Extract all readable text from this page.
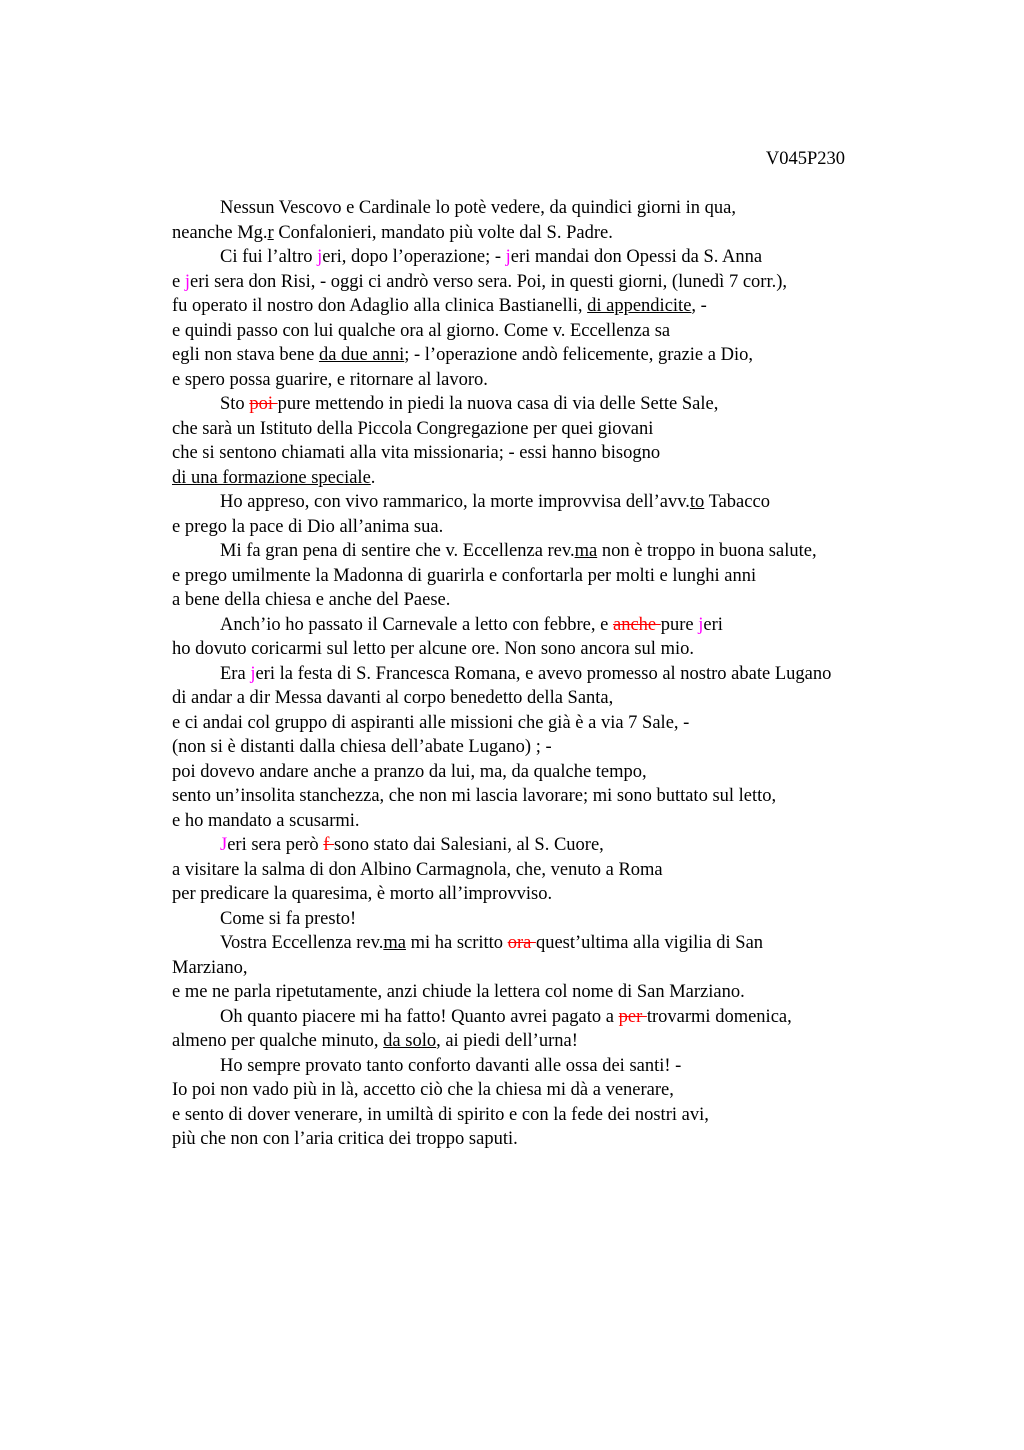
V045P230
Nessun Vescovo e Cardinale lo potè vedere, da quindici giorni in qua,
neanche Mg.r Confalonieri, mandato più volte dal S. Padre.
Ci fui l’altro jeri, dopo l’operazione; - jeri mandai don Opessi da S. Anna
e jeri sera don Risi, - oggi ci andrò verso sera. Poi, in questi giorni, (lunedì 7 corr.),
fu operato il nostro don Adaglio alla clinica Bastianelli, di appendicite, -
e quindi passo con lui qualche ora al giorno. Come v. Eccellenza sa
egli non stava bene da due anni; - l’operazione andò felicemente, grazie a Dio,
e spero possa guarire, e ritornare al lavoro.
Sto poi pure mettendo in piedi la nuova casa di via delle Sette Sale,
che sarà un Istituto della Piccola Congregazione per quei giovani
che si sentono chiamati alla vita missionaria; - essi hanno bisogno
di una formazione speciale.
Ho appreso, con vivo rammarico, la morte improvvisa dell’avv.to Tabacco
e prego la pace di Dio all’anima sua.
Mi fa gran pena di sentire che v. Eccellenza rev.ma non è troppo in buona salute,
e prego umilmente la Madonna di guarirla e confortarla per molti e lunghi anni
a bene della chiesa e anche del Paese.
Anch’io ho passato il Carnevale a letto con febbre, e anche pure jeri
ho dovuto coricarmi sul letto per alcune ore. Non sono ancora sul mio.
Era jeri la festa di S. Francesca Romana, e avevo promesso al nostro abate Lugano
di andar a dir Messa davanti al corpo benedetto della Santa,
e ci andai col gruppo di aspiranti alle missioni che già è a via 7 Sale, -
(non si è distanti dalla chiesa dell’abate Lugano) ; -
poi dovevo andare anche a pranzo da lui, ma, da qualche tempo,
sento un’insolita stanchezza, che non mi lascia lavorare; mi sono buttato sul letto,
e ho mandato a scusarmi.
Jeri sera però f sono stato dai Salesiani, al S. Cuore,
a visitare la salma di don Albino Carmagnola, che, venuto a Roma
per predicare la quaresima, è morto all’improvviso.
Come si fa presto!
Vostra Eccellenza rev.ma mi ha scritto ora quest’ultima alla vigilia di San
Marziano,
e me ne parla ripetutamente, anzi chiude la lettera col nome di San Marziano.
Oh quanto piacere mi ha fatto! Quanto avrei pagato a per trovarmi domenica,
almeno per qualche minuto, da solo, ai piedi dell’urna!
Ho sempre provato tanto conforto davanti alle ossa dei santi! -
Io poi non vado più in là, accetto ciò che la chiesa mi dà a venerare,
e sento di dover venerare, in umiltà di spirito e con la fede dei nostri avi,
più che non con l’aria critica dei troppo saputi.
